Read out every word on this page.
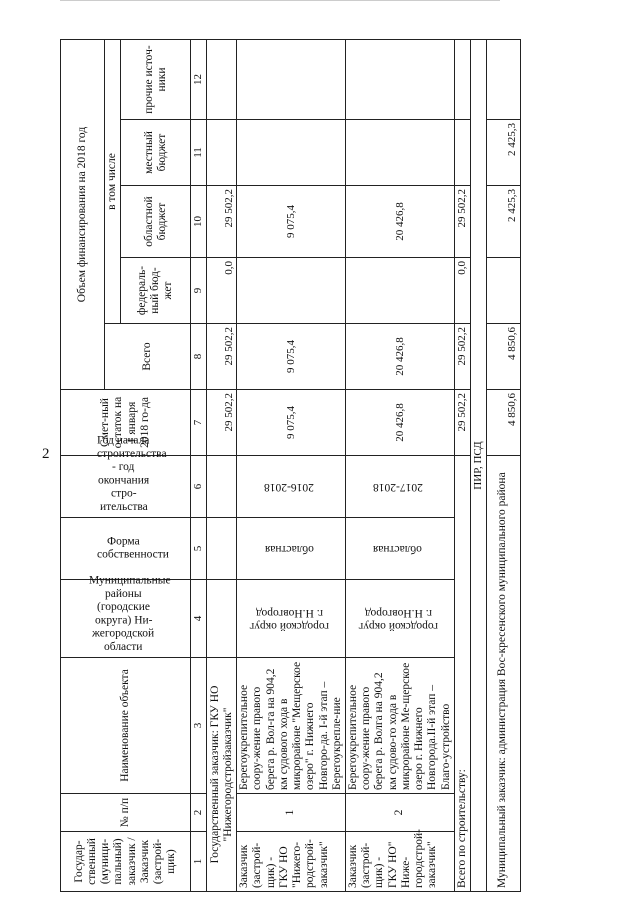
2
Государ-ственный (муници-пальный) заказчик /Заказчик (застрой-щик)	№ п/п	Наименование объекта	Муниципальные районы (городские округа) Ни-жегородской области	Форма собственности	Год начала строительства - год окончания стро-ительства	Смет-ный остаток на 1 января 2018 го-да	Объем финансирования на 2018 год				
							Всего	в том числе			
								федераль-ный бюд-жет	областной бюджет	местный бюджет	прочие источ-ники
1	2	3	4	5	6	7	8	9	10	11	12
Государственный заказчик: ГКУ НО "Нижегородстройзаказчик"						29 502,2	29 502,2	0,0	29 502,2		
Заказчик (застрой-щик) - ГКУ НО "Нижего-родстрой-заказчик"	1	Берегоукрепительное соору-жение правого берега р. Вол-га на 904,2 км судового хода в микрорайоне "Мещерское озеро" г. Нижнего Новгоро-да. I-й этап – Берегоукрепле-ние	городской округ г. Н.Новгород	областная	2016-2018	9 075,4	9 075,4		9 075,4		
Заказчик (застрой-щик) - ГКУ НО" Ниже-городстрой-заказчик"	2	Берегоукрепительное соору-жение правого берега р. Волга на 904,2 км судово-го хода в микрорайоне Ме-щерское озеро г. Нижнего Новгорода.II-й этап – Благо-устройство	городской округ г. Н.Новгород	областная	2017-2018	20 426,8	20 426,8		20 426,8		
Всего по строительству:						29 502,2	29 502,2	0,0	29 502,2		
ПИР, ПСД											
Муниципальный заказчик: администрация Вос-кресенского муниципального района						4 850,6	4 850,6		2 425,3	2 425,3	
